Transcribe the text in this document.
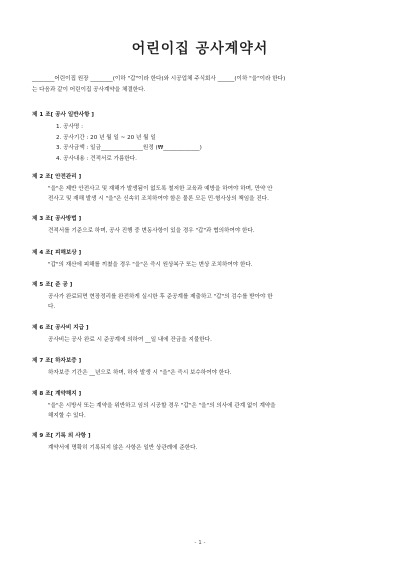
어린이집 공사계약서
________어린이집 원장 ________(이하 "갑"이라 한다)와 시공업체 주식회사 ______(이하 "을"이라 한다)
는 다음과 같이 어린이집 공사계약을 체결한다.
제 1 조[ 공사 일반사항 ]
1. 공사명 :
2. 공사기간 : 20 년 월 일 ~ 20 년 월 일
3. 공사금액 : 일금_______________원정 (₩_____________)
4. 공사내용 : 견적서로 가름한다.
제 2 조[ 안전관리 ]
"을"은 제반 안전사고 및 재해가 발생됨이 없도록 철저한 교육과 예방을 하여야 하며, 만약 안
전사고 및 재해 발생 시 "을"은 신속히 조치하여야 함은 물론 모든 민·형사상의 책임을 진다.
제 3 조[ 공사방법 ]
견적서를 기준으로 하며, 공사 진행 중 변동사항이 있을 경우 "갑"과 협의하여야 한다.
제 4 조[ 피해보상 ]
"갑"의 재산에 피해를 끼쳤을 경우 "을"은 즉시 원상복구 또는 변상 조치하여야 한다.
제 5 조[ 준 공 ]
공사가 완료되면 현장정리를 완전하게 실시한 후 준공계를 제출하고 "갑"의 검수를 받아야 한
다.
제 6 조[ 공사비 지급 ]
공사비는 공사 완료 시 준공계에 의하여 __일 내에 잔금을 지불한다.
제 7 조[ 하자보증 ]
하자보증 기간은 __년으로 하며, 하자 발생 시 "을"은 즉시 보수하여야 한다.
제 8 조[ 계약해지 ]
"을"은 시방서 또는 계약을 위반하고 임의 시공할 경우 "갑"은 "을"의 의사에 관계 없이 계약을
해지할 수 있다.
제 9 조[ 기록 외 사항 ]
계약서에 명확히 기록되지 않은 사항은 일반 상관례에 준한다.
- 1 -
